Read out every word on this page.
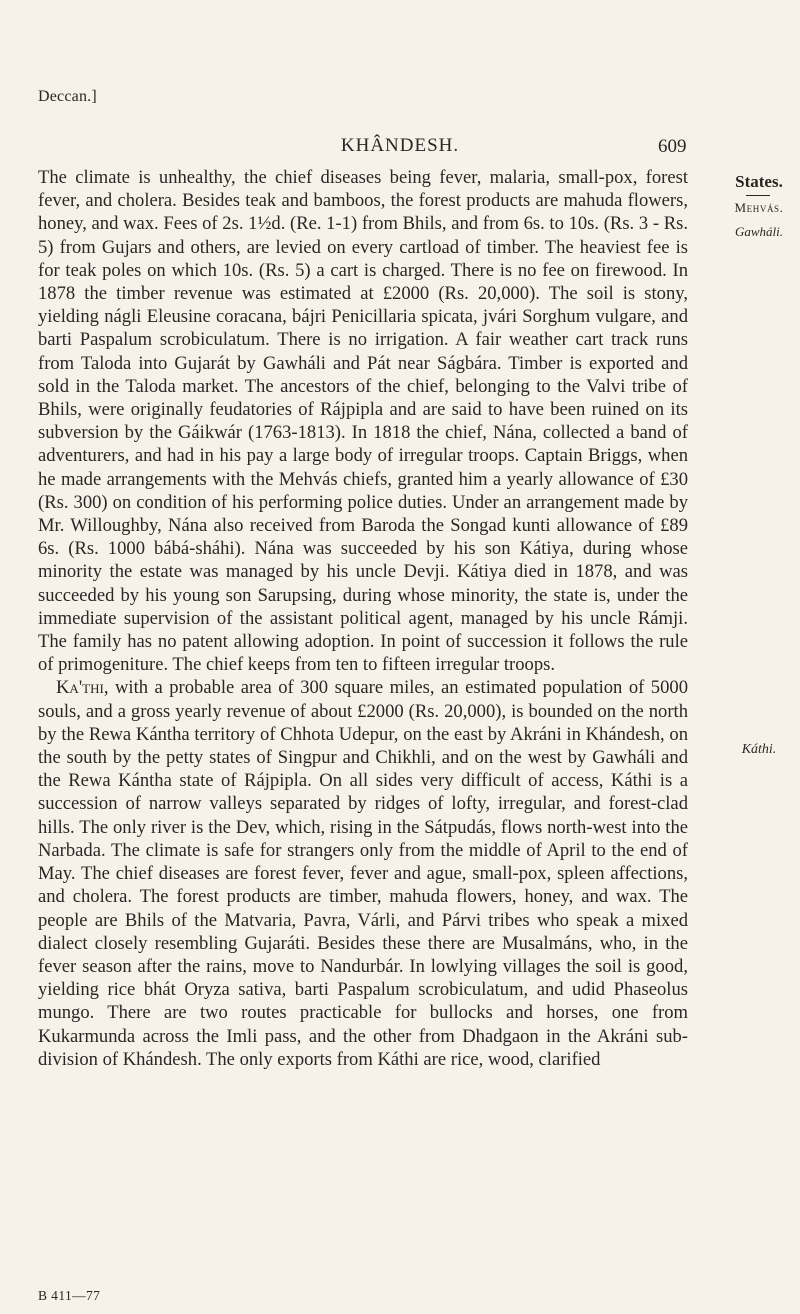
Deccan.]
KHÂNDESH.	609

The climate is unhealthy, the chief diseases being fever, malaria, small-pox, forest fever, and cholera. Besides teak and bamboos, the forest products are mahuda flowers, honey, and wax. Fees of 2s. 1½d. (Re. 1-1) from Bhils, and from 6s. to 10s. (Rs. 3 - Rs. 5) from Gujars and others, are levied on every cartload of timber. The heaviest fee is for teak poles on which 10s. (Rs. 5) a cart is charged. There is no fee on firewood. In 1878 the timber revenue was estimated at £2000 (Rs. 20,000). The soil is stony, yielding nágli Eleusine coracana, bájri Penicillaria spicata, jvári Sorghum vulgare, and barti Paspalum scrobiculatum. There is no irrigation. A fair weather cart track runs from Taloda into Gujarát by Gawháli and Pát near Ságbára. Timber is exported and sold in the Taloda market. The ancestors of the chief, belonging to the Valvi tribe of Bhils, were originally feudatories of Rájpipla and are said to have been ruined on its subversion by the Gáikwár (1763-1813). In 1818 the chief, Nána, collected a band of adventurers, and had in his pay a large body of irregular troops. Captain Briggs, when he made arrangements with the Mehvás chiefs, granted him a yearly allowance of £30 (Rs. 300) on condition of his performing police duties. Under an arrangement made by Mr. Willoughby, Nána also received from Baroda the Songad kunti allowance of £89 6s. (Rs. 1000 bábá-sháhi). Nána was succeeded by his son Kátiya, during whose minority the estate was managed by his uncle Devji. Kátiya died in 1878, and was succeeded by his young son Sarupsing, during whose minority, the state is, under the immediate supervision of the assistant political agent, managed by his uncle Rámji. The family has no patent allowing adoption. In point of succession it follows the rule of primogeniture. The chief keeps from ten to fifteen irregular troops.

Ka'thi, with a probable area of 300 square miles, an estimated population of 5000 souls, and a gross yearly revenue of about £2000 (Rs. 20,000), is bounded on the north by the Rewa Kántha territory of Chhota Udepur, on the east by Akráni in Khándesh, on the south by the petty states of Singpur and Chikhli, and on the west by Gawháli and the Rewa Kántha state of Rájpipla. On all sides very difficult of access, Káthi is a succession of narrow valleys separated by ridges of lofty, irregular, and forest-clad hills. The only river is the Dev, which, rising in the Sátpudás, flows north-west into the Narbada. The climate is safe for strangers only from the middle of April to the end of May. The chief diseases are forest fever, fever and ague, small-pox, spleen affections, and cholera. The forest products are timber, mahuda flowers, honey, and wax. The people are Bhils of the Matvaria, Pavra, Várli, and Párvi tribes who speak a mixed dialect closely resembling Gujaráti. Besides these there are Musalmáns, who, in the fever season after the rains, move to Nandurbár. In lowlying villages the soil is good, yielding rice bhát Oryza sativa, barti Paspalum scrobiculatum, and udid Phaseolus mungo. There are two routes practicable for bullocks and horses, one from Kukarmunda across the Imli pass, and the other from Dhadgaon in the Akráni sub-division of Khándesh. The only exports from Káthi are rice, wood, clarified

States.
Mehvás.
Gawháli.
Káthi.
B 411—77
